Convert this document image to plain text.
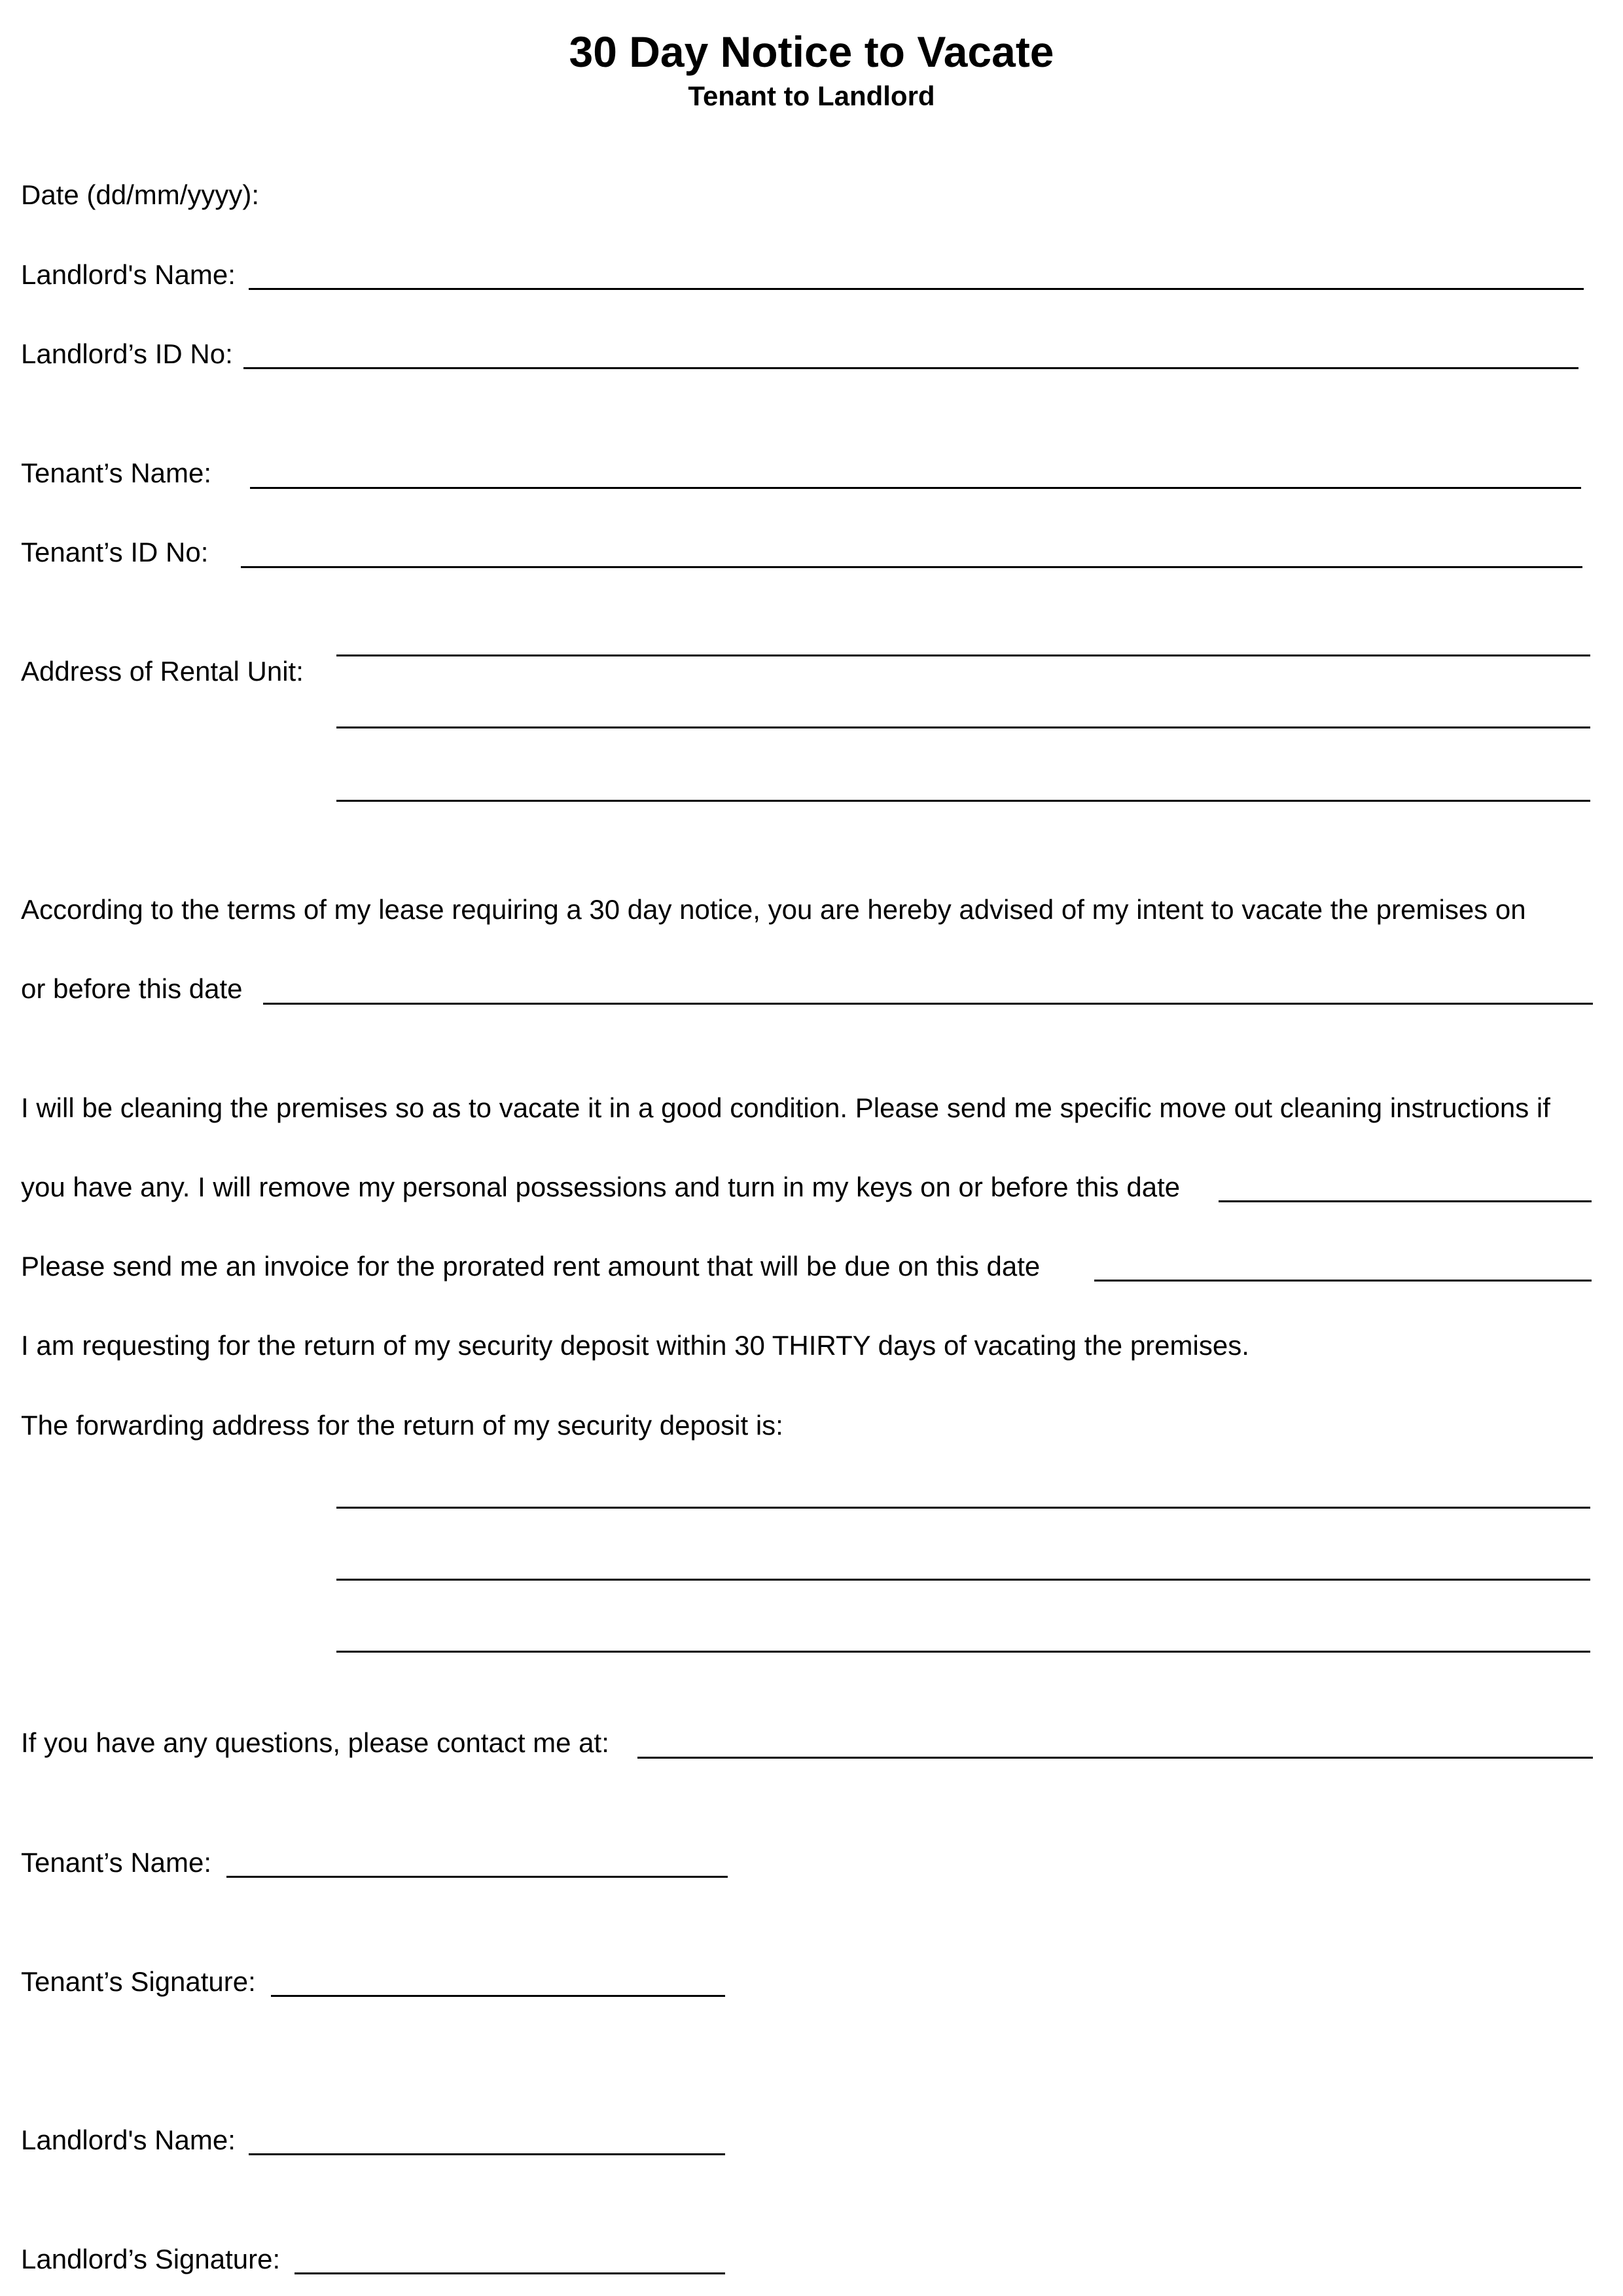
30 Day Notice to Vacate
Tenant to Landlord
Date (dd/mm/yyyy):
Landlord's Name:
Landlord’s ID No:
Tenant’s Name:
Tenant’s ID No:
Address of Rental Unit:
According to the terms of my lease requiring a 30 day notice, you are hereby advised of my intent to vacate the premises on
or before this date
I will be cleaning the premises so as to vacate it in a good condition. Please send me specific move out cleaning instructions if
you have any. I will remove my personal possessions and turn in my keys on or before this date
Please send me an invoice for the prorated rent amount that will be due on this date
I am requesting for the return of my security deposit within 30 THIRTY days of vacating the premises.
The forwarding address for the return of my security deposit is:
If you have any questions, please contact me at:
Tenant’s Name:
Tenant’s Signature:
Landlord's Name:
Landlord’s Signature:
